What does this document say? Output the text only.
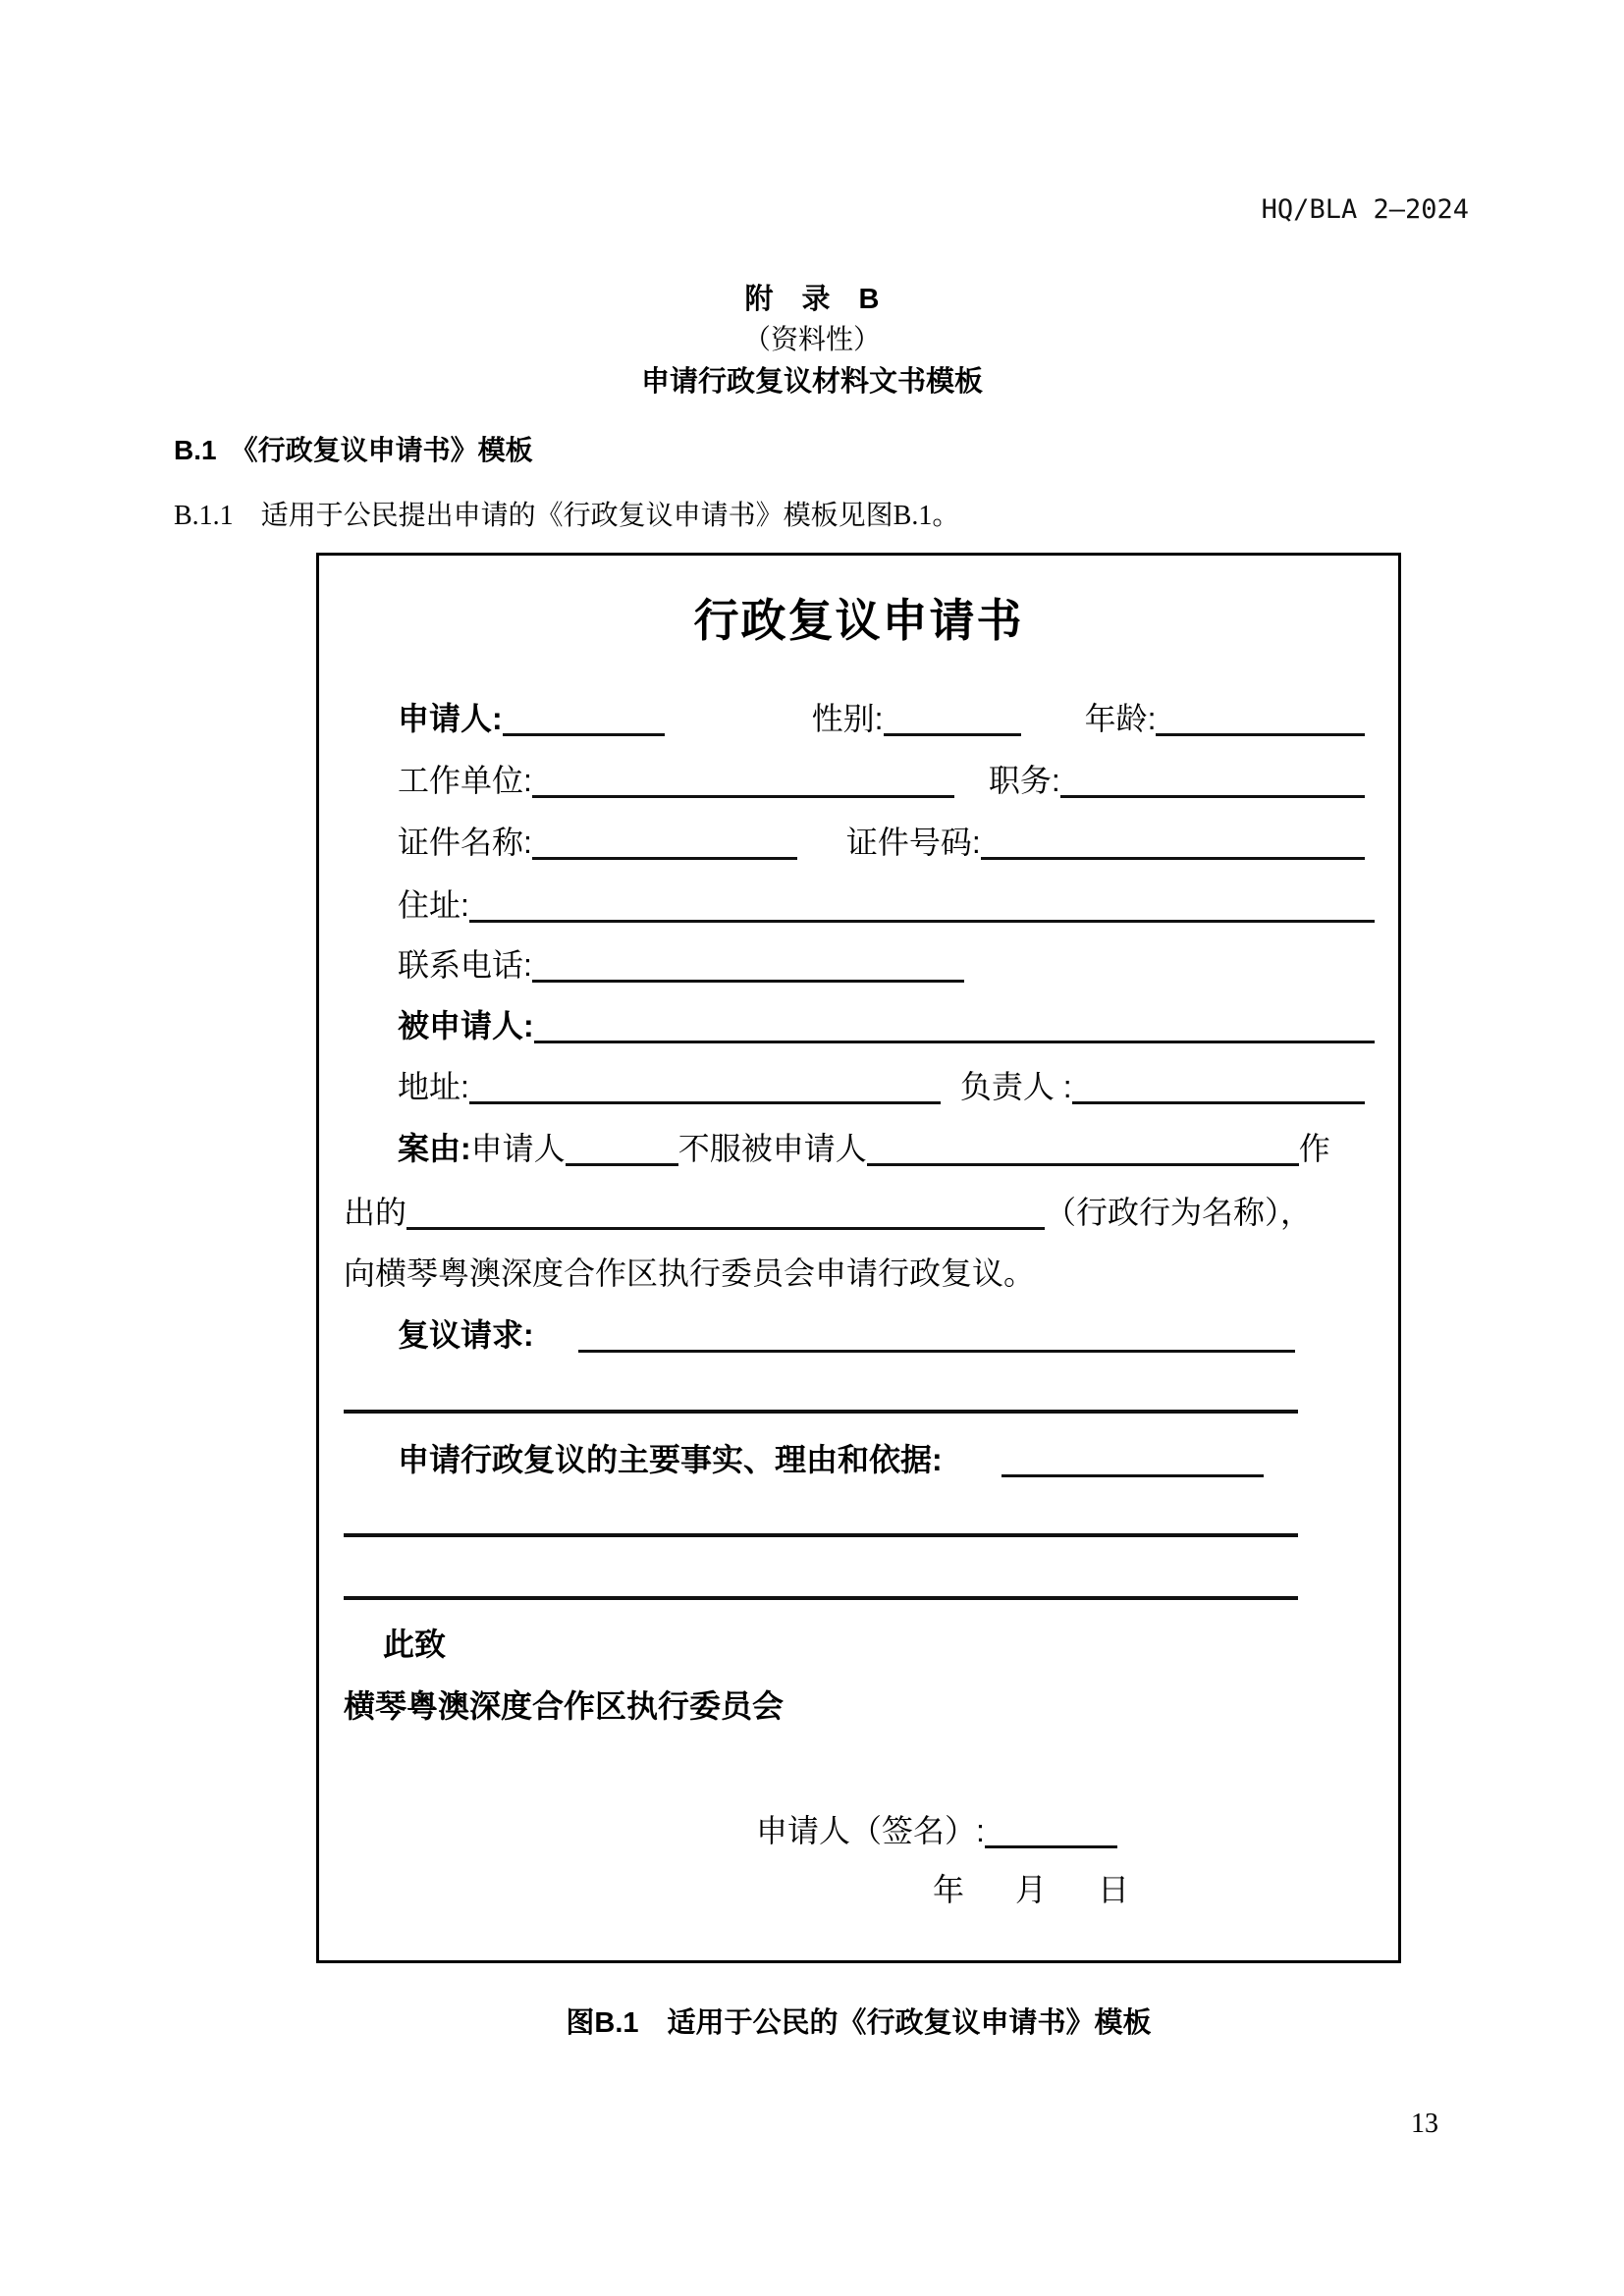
HQ/BLA 2—2024
附　录　B
（资料性）
申请行政复议材料文书模板
B.1　《行政复议申请书》模板
B.1.1　适用于公民提出申请的《行政复议申请书》模板见图B.1。
行政复议申请书
申请人:	性别:	年龄:
工作单位:	职务:
证件名称:	证件号码:
住址:
联系电话:
被申请人:
地址:	负责人 :
案由: 申请人	不服被申请人	作
出的	（行政行为名称），
向横琴粤澳深度合作区执行委员会申请行政复议。
复议请求:
申请行政复议的主要事实、理由和依据:
此致
横琴粤澳深度合作区执行委员会
申请人（签名）:
年 月 日
图B.1　适用于公民的《行政复议申请书》模板
13
